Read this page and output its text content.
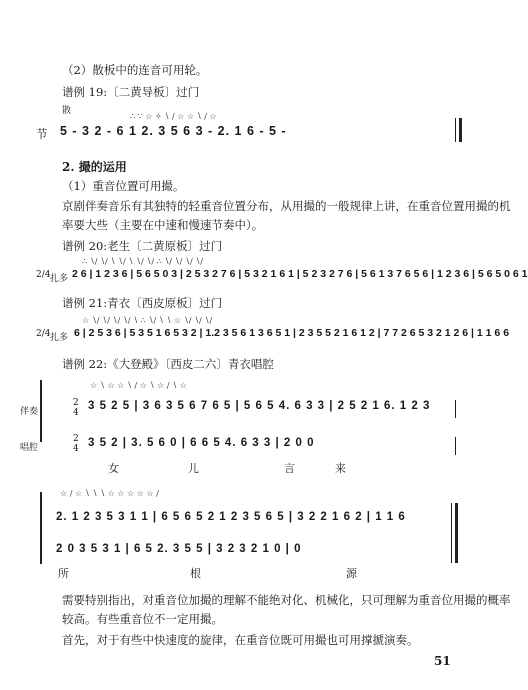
（2）散板中的连音可用轮。
谱例 19:〔二黄导板〕过门
散
∴ ∵ ☆ ✧ ∖ ∕ ☆ ☆ ∖ ∕ ☆
节 5 - 3 2 - 6 1 2. 3 5 6 3 - 2. 1 6 - 5 -
2. 撮的运用
（1）重音位置可用撮。
京剧伴奏音乐有其独特的轻重音位置分布，从用撮的一般规律上讲，在重音位置用撮的机
率要大些（主要在中速和慢速节奏中）。
谱例 20:老生〔二黄原板〕过门
∴ ∖∕ ∖∕ ∖ ∖∕ ∖ ∖∕ ∖∕ ∴ ∖∕ ∖∕ ∖∕ ∖∕
2/4 扎多 2 6 | 1 2 3 6 | 5 6 5 0 3 | 2 5 3 2 7 6 | 5 3 2 1 6 1 | 5 2 3 2 7 6 | 5 6 1 3 7 6 5 6 | 1 2 3 6 | 5 6 5 0 6 1
谱例 21:青衣〔西皮原板〕过门
☆ ∖∕ ∖∕ ∖∕ ∖∕ ∖ ∴ ∖∕ ∖ ∖ ☆ ∖∕ ∖∕ ∖∕
2/4 扎多 6 | 2 5 3 6 | 5 3 5 1 6 5 3 2 | 1.2 3 5 6 1 3 6 5 1 | 2 3 5 5 2 1 6 1 2 | 7 7 2 6 5 3 2 1 2 6 | 1 1 6 6
谱例 22:《大登殿》〔西皮二六〕青衣唱腔
☆ ∖ ☆ ☆ ∖ ∕ ☆ ∖ ☆ ∕ ∖ ☆
伴奏
2
4
3 5 2 5 | 3 6 3 5 6 7 6 5 | 5 6 5 4. 6 3 3 | 2 5 2 1 6. 1 2 3
唱腔
2
4 3 5 2 | 3. 5 6 0 | 6 6 5 4. 6 3 3 | 2 0 0
女	儿	言	来
☆ ∕ ☆ ∖ ∖ ∖ ☆ ☆ ☆ ☆ ☆ ∕
2. 1 2 3 5 3 1 1 | 6 5 6 5 2 1 2 3 5 6 5 | 3 2 2 1 6 2 | 1 1 6
2 0 3 5 3 1 | 6 5 2. 3 5 5 | 3 2 3 2 1 0 | 0
所	根	源
需要特别指出，对重音位加撮的理解不能绝对化、机械化，只可理解为重音位用撮的概率
较高。有些重音位不一定用撮。
首先，对于有些中快速度的旋律，在重音位既可用撮也可用撑搋演奏。
51
